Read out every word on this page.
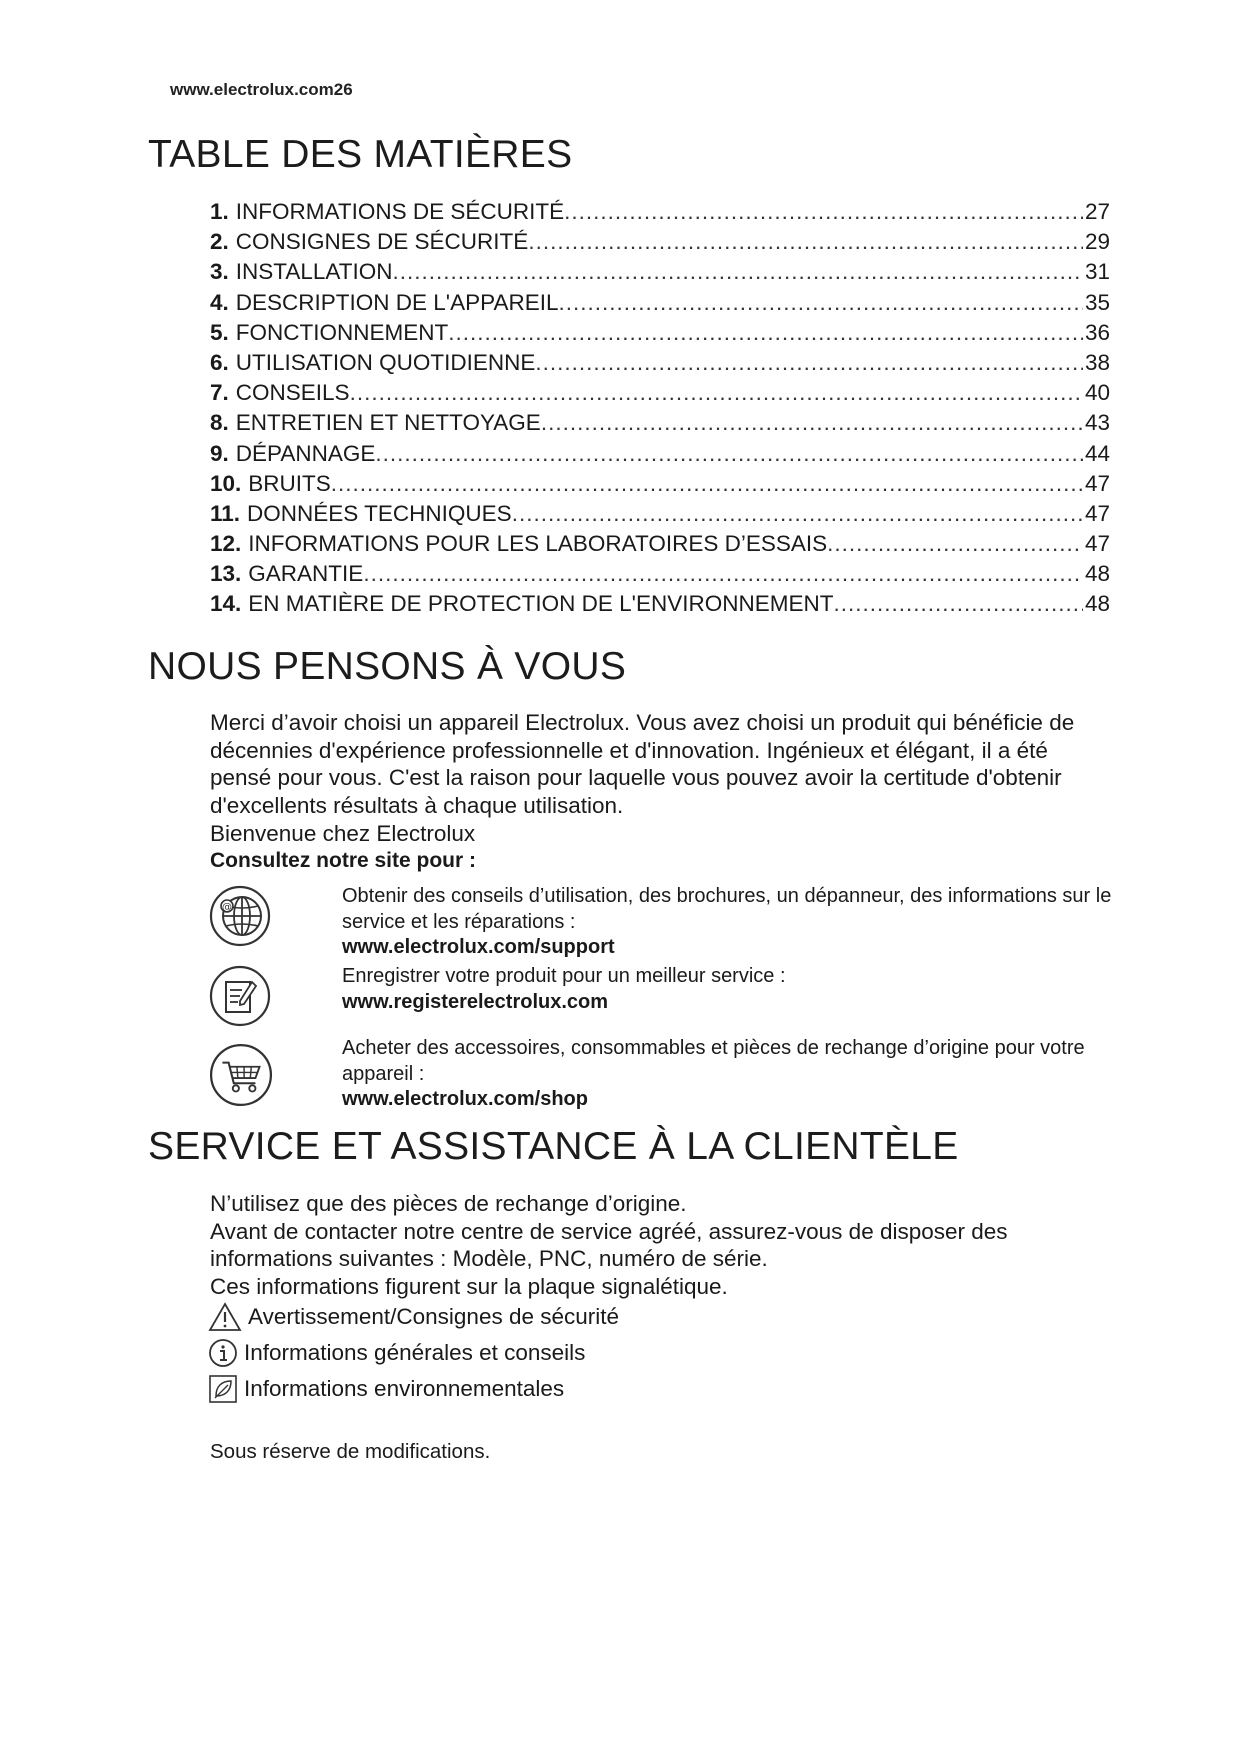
www.electrolux.com26
TABLE DES MATIÈRES
1. INFORMATIONS DE SÉCURITÉ .....	27
2. CONSIGNES DE SÉCURITÉ .....	29
3. INSTALLATION .....	31
4. DESCRIPTION DE L'APPAREIL .....	35
5. FONCTIONNEMENT .....	36
6. UTILISATION QUOTIDIENNE .....	38
7. CONSEILS .....	40
8. ENTRETIEN ET NETTOYAGE .....	43
9. DÉPANNAGE .....	44
10. BRUITS .....	47
11. DONNÉES TECHNIQUES .....	47
12. INFORMATIONS POUR LES LABORATOIRES D’ESSAIS .....	47
13. GARANTIE .....	48
14. EN MATIÈRE DE PROTECTION DE L'ENVIRONNEMENT .....	48
NOUS PENSONS À VOUS

Merci d’avoir choisi un appareil Electrolux. Vous avez choisi un produit qui bénéficie de décennies d'expérience professionnelle et d'innovation. Ingénieux et élégant, il a été pensé pour vous. C'est la raison pour laquelle vous pouvez avoir la certitude d'obtenir d'excellents résultats à chaque utilisation.

Bienvenue chez Electrolux
Consultez notre site pour :
@
Obtenir des conseils d’utilisation, des brochures, un dépanneur, des informations sur le service et les réparations :
www.electrolux.com/support
Enregistrer votre produit pour un meilleur service :
www.registerelectrolux.com
Acheter des accessoires, consommables et pièces de rechange d’origine pour votre appareil :
www.electrolux.com/shop
SERVICE ET ASSISTANCE À LA CLIENTÈLE
N’utilisez que des pièces de rechange d’origine.
Avant de contacter notre centre de service agréé, assurez-vous de disposer des informations suivantes : Modèle, PNC, numéro de série.
Ces informations figurent sur la plaque signalétique.
Avertissement/Consignes de sécurité
Informations générales et conseils
Informations environnementales
Sous réserve de modifications.
